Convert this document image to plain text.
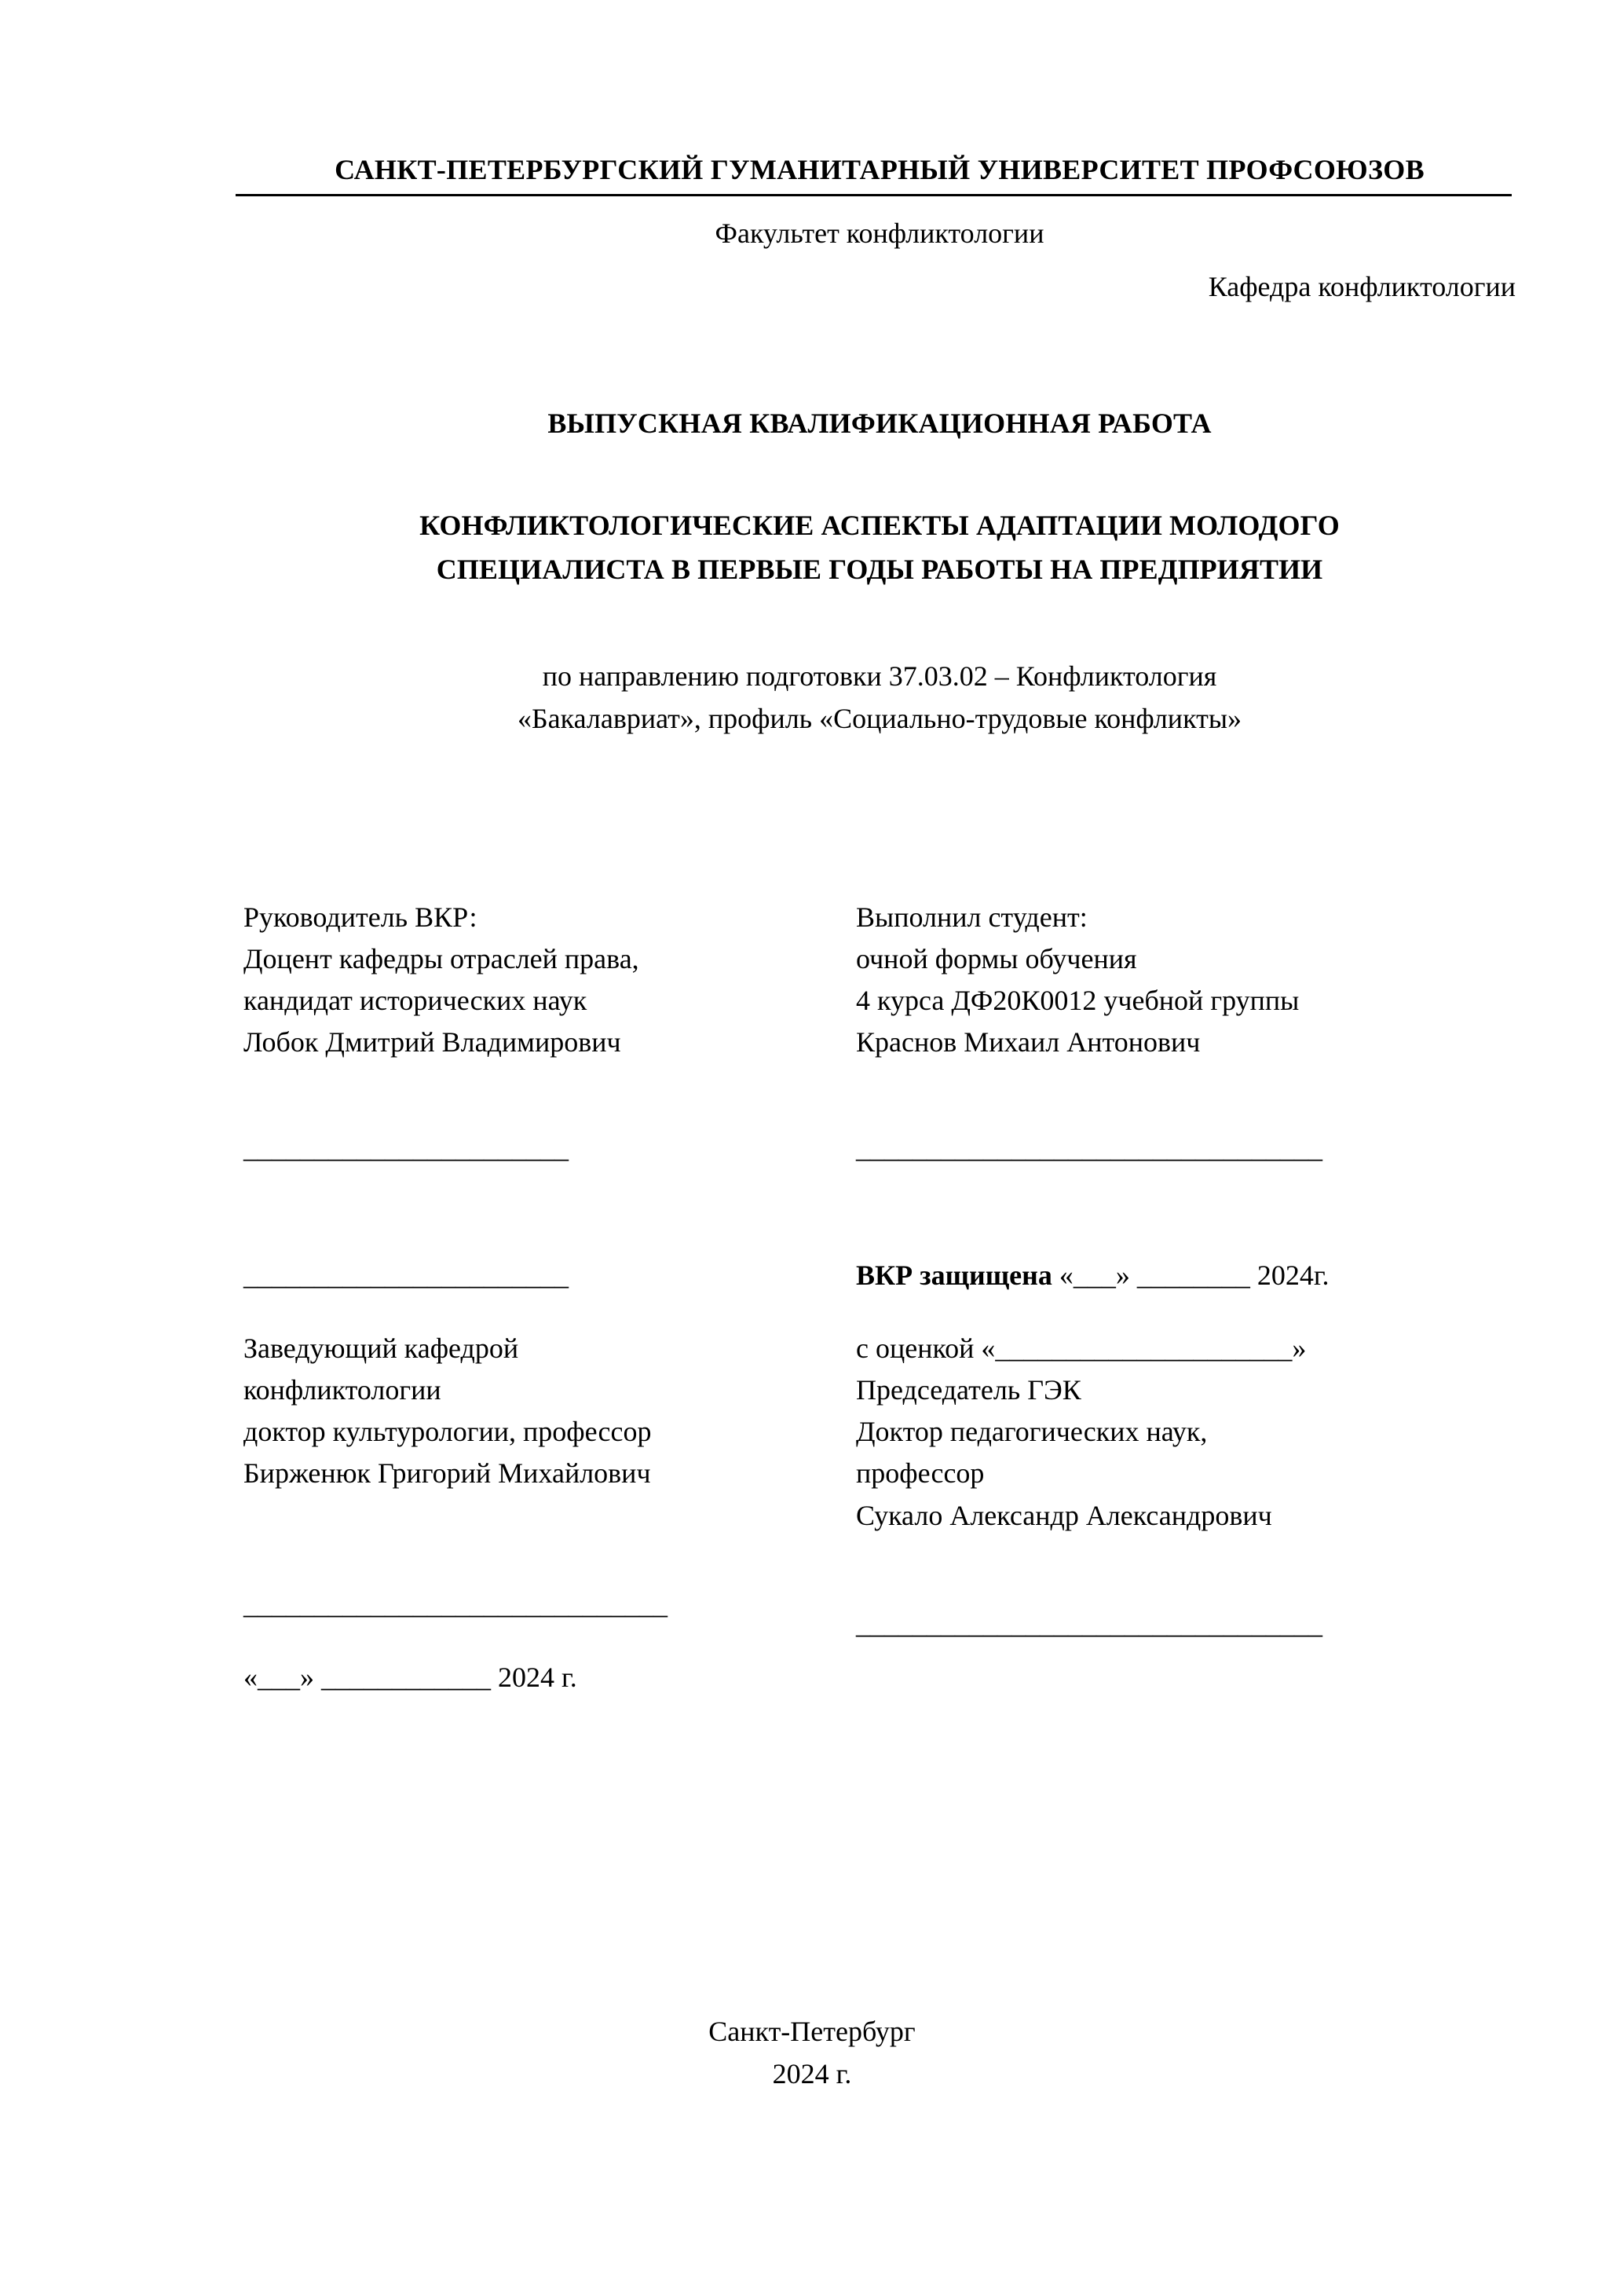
САНКТ-ПЕТЕРБУРГСКИЙ ГУМАНИТАРНЫЙ УНИВЕРСИТЕТ ПРОФСОЮЗОВ
Факультет конфликтологии
Кафедра конфликтологии
ВЫПУСКНАЯ КВАЛИФИКАЦИОННАЯ РАБОТА
КОНФЛИКТОЛОГИЧЕСКИЕ АСПЕКТЫ АДАПТАЦИИ МОЛОДОГО
СПЕЦИАЛИСТА В ПЕРВЫЕ ГОДЫ РАБОТЫ НА ПРЕДПРИЯТИИ
по направлению подготовки 37.03.02 – Конфликтология
«Бакалавриат», профиль «Социально-трудовые конфликты»
Руководитель ВКР:
Доцент кафедры отраслей права,
кандидат исторических наук
Лобок Дмитрий Владимирович
_______________________
_______________________
Заведующий кафедрой
конфликтологии
доктор культурологии, профессор
Бирженюк Григорий Михайлович
______________________________
«___» ____________ 2024 г.
Выполнил студент:
очной формы обучения
4 курса ДФ20К0012 учебной группы
Краснов Михаил Антонович
_________________________________
ВКР защищена «___» ________ 2024г.
с оценкой «_____________________»
Председатель ГЭК
Доктор педагогических наук,
профессор
Сукало Александр Александрович
_________________________________
Санкт-Петербург
2024 г.
